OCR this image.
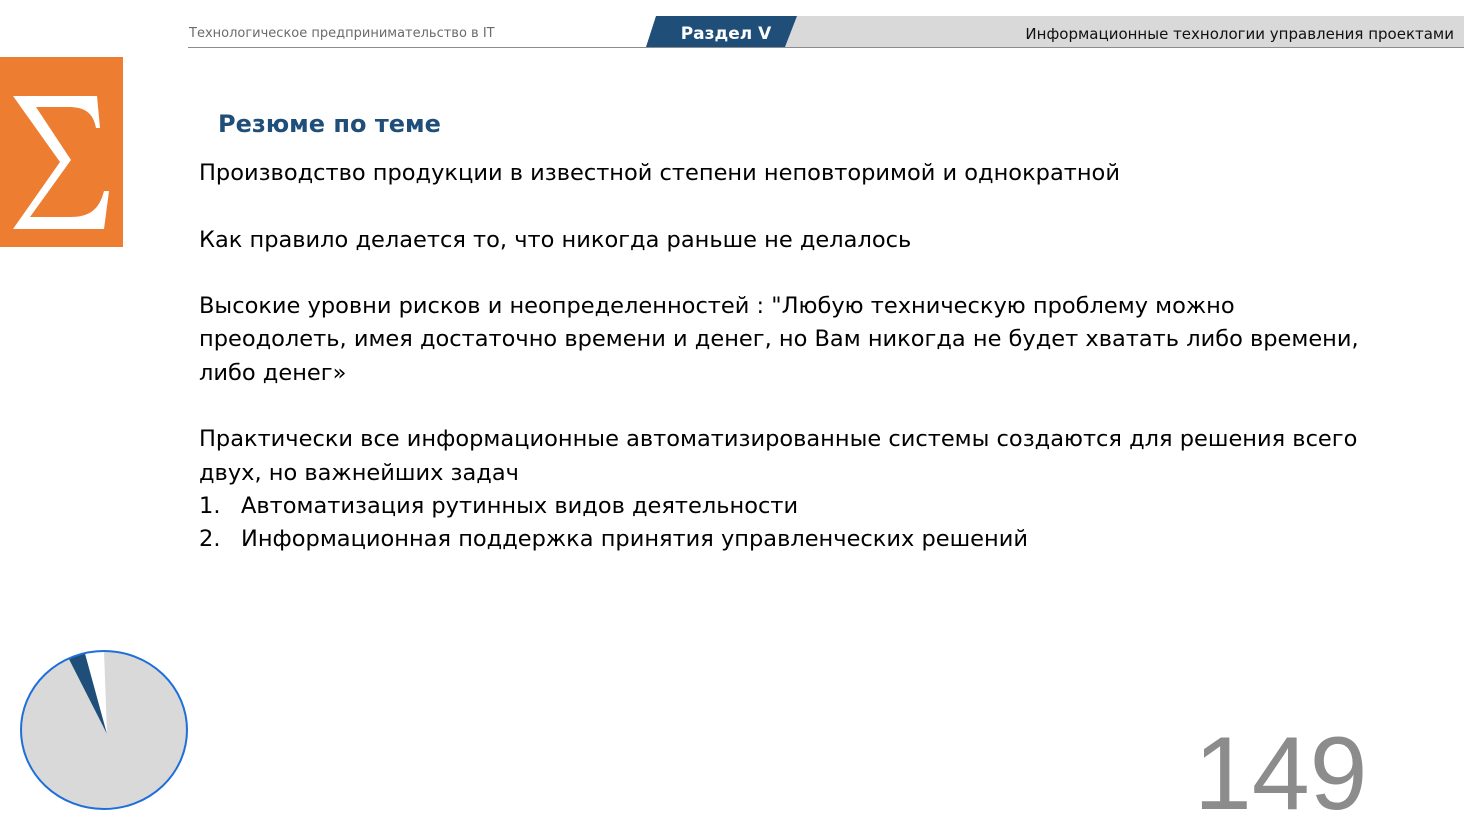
Технологическое предпринимательство в IT	Раздел V	Информационные технологии управления проектами
Резюме по теме

Производство продукции в известной степени неповторимой и однократной

Как правило делается то, что никогда раньше не делалось

Высокие уровни рисков и неопределенностей : "Любую техническую проблему можно преодолеть, имея достаточно времени и денег, но Вам никогда не будет хватать либо времени, либо денег»

Практически все информационные автоматизированные системы создаются для решения всего двух, но важнейших задач

1. Автоматизация рутинных видов деятельности
2. Информационная поддержка принятия управленческих решений
149
